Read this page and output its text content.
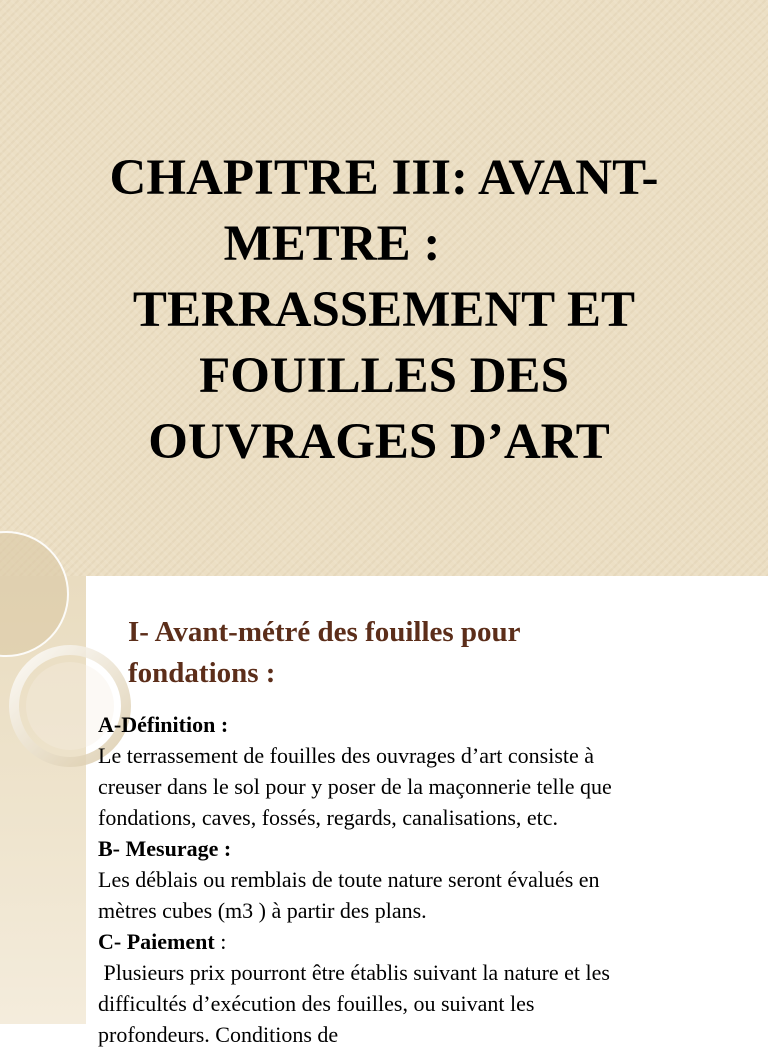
CHAPITRE III: AVANT-
METRE :
TERRASSEMENT ET
FOUILLES DES
OUVRAGES D’ART
I- Avant-métré des fouilles pour
fondations :
A-Définition :
Le terrassement de fouilles des ouvrages d’art consiste à
creuser dans le sol pour y poser de la maçonnerie telle que
fondations, caves, fossés, regards, canalisations, etc.
B- Mesurage :
Les déblais ou remblais de toute nature seront évalués en
mètres cubes (m3 ) à partir des plans.
C- Paiement :
Plusieurs prix pourront être établis suivant la nature et les
difficultés d’exécution des fouilles, ou suivant les
profondeurs. Conditions de
